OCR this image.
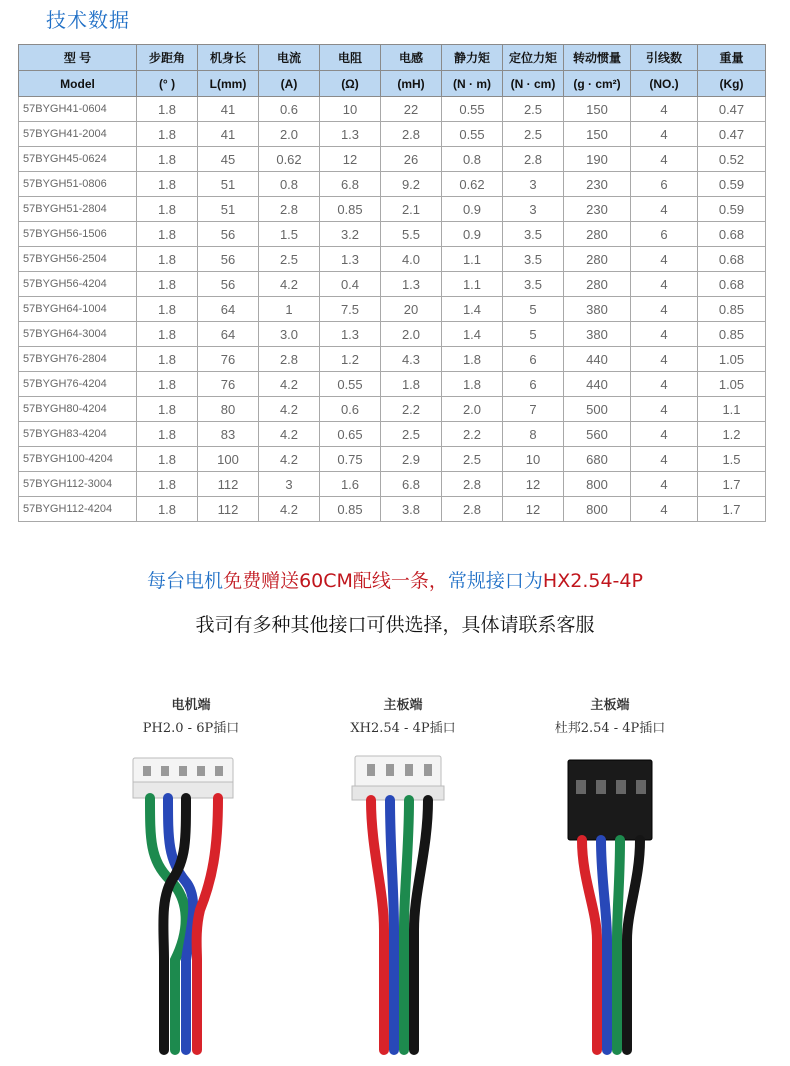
技术数据
型 号	步距角	机身长	电流	电阻	电感	静力矩	定位力矩	转动惯量	引线数	重量
Model	(° )	L(mm)	(A)	(Ω)	(mH)	(N · m)	(N · cm)	(g · cm²)	(NO.)	(Kg)
57BYGH41-0604	1.8	41	0.6	10	22	0.55	2.5	150	4	0.47
57BYGH41-2004	1.8	41	2.0	1.3	2.8	0.55	2.5	150	4	0.47
57BYGH45-0624	1.8	45	0.62	12	26	0.8	2.8	190	4	0.52
57BYGH51-0806	1.8	51	0.8	6.8	9.2	0.62	3	230	6	0.59
57BYGH51-2804	1.8	51	2.8	0.85	2.1	0.9	3	230	4	0.59
57BYGH56-1506	1.8	56	1.5	3.2	5.5	0.9	3.5	280	6	0.68
57BYGH56-2504	1.8	56	2.5	1.3	4.0	1.1	3.5	280	4	0.68
57BYGH56-4204	1.8	56	4.2	0.4	1.3	1.1	3.5	280	4	0.68
57BYGH64-1004	1.8	64	1	7.5	20	1.4	5	380	4	0.85
57BYGH64-3004	1.8	64	3.0	1.3	2.0	1.4	5	380	4	0.85
57BYGH76-2804	1.8	76	2.8	1.2	4.3	1.8	6	440	4	1.05
57BYGH76-4204	1.8	76	4.2	0.55	1.8	1.8	6	440	4	1.05
57BYGH80-4204	1.8	80	4.2	0.6	2.2	2.0	7	500	4	1.1
57BYGH83-4204	1.8	83	4.2	0.65	2.5	2.2	8	560	4	1.2
57BYGH100-4204	1.8	100	4.2	0.75	2.9	2.5	10	680	4	1.5
57BYGH112-3004	1.8	112	3	1.6	6.8	2.8	12	800	4	1.7
57BYGH112-4204	1.8	112	4.2	0.85	3.8	2.8	12	800	4	1.7
每台电机免费赠送60CM配线一条，常规接口为HX2.54-4P
我司有多种其他接口可供选择，具体请联系客服
电机端
PH2.0 - 6P插口
主板端
XH2.54 - 4P插口
主板端
杜邦2.54 - 4P插口
